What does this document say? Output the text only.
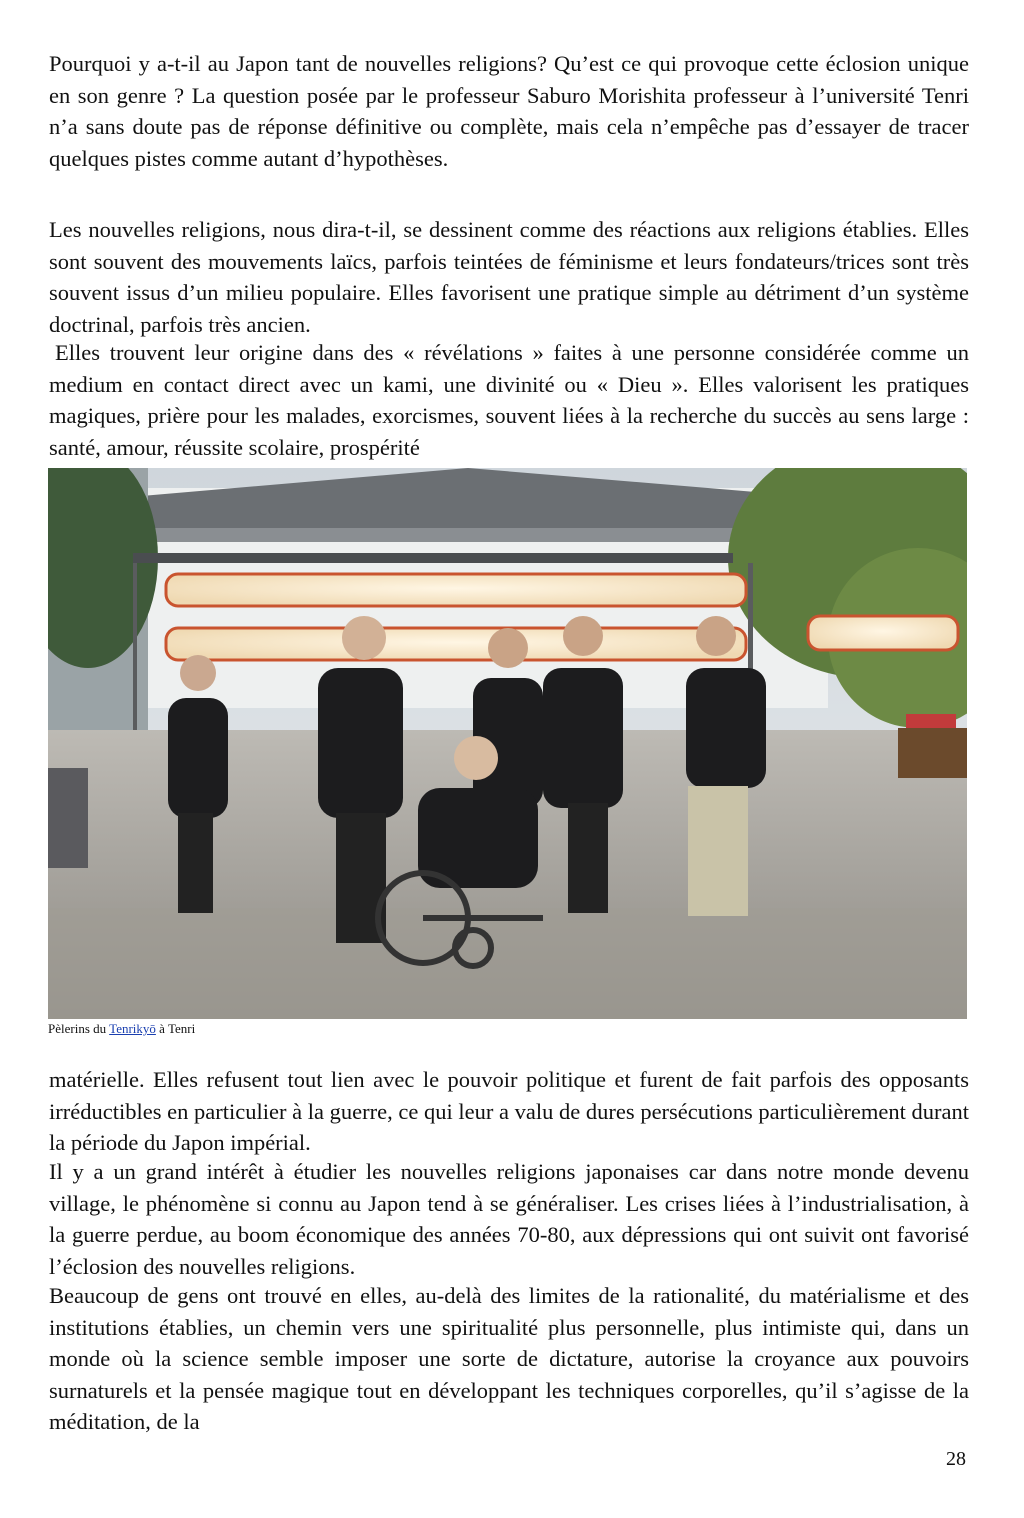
Pourquoi y a-t-il au Japon tant de nouvelles religions? Qu’est ce qui provoque cette éclosion unique en son genre ? La question posée par le professeur Saburo Morishita professeur à l’université Tenri n’a sans doute pas de réponse définitive ou complète, mais cela n’empêche pas d’essayer de tracer quelques pistes comme autant d’hypothèses.

Les nouvelles religions, nous dira-t-il, se dessinent comme des réactions aux religions établies. Elles sont souvent des mouvements laïcs, parfois teintées de féminisme et leurs fondateurs/trices sont très souvent issus d’un milieu populaire. Elles favorisent une pratique simple au détriment d’un système doctrinal, parfois très ancien.

Elles trouvent leur origine dans des « révélations » faites à une personne considérée comme un medium en contact direct avec un kami, une divinité ou « Dieu ». Elles valorisent les pratiques magiques, prière pour les malades, exorcismes, souvent liées à la recherche du succès au sens large : santé, amour, réussite scolaire, prospérité

Pèlerins du Tenrikyō à Tenri

matérielle. Elles refusent tout lien avec le pouvoir politique et furent de fait parfois des opposants irréductibles en particulier à la guerre, ce qui leur a valu de dures persécutions particulièrement durant la période du Japon impérial.

Il y a un grand intérêt à étudier les nouvelles religions japonaises car dans notre monde devenu village, le phénomène si connu au Japon tend à se généraliser. Les crises liées à l’industrialisation, à la guerre perdue, au boom économique des années 70-80, aux dépressions qui ont suivit ont favorisé l’éclosion des nouvelles religions.

Beaucoup de gens ont trouvé en elles, au-delà des limites de la rationalité, du matérialisme et des institutions établies, un chemin vers une spiritualité plus personnelle, plus intimiste qui, dans un monde où la science semble imposer une sorte de dictature, autorise la croyance aux pouvoirs surnaturels et la pensée magique tout en développant les techniques corporelles, qu’il s’agisse de la méditation, de la

28
